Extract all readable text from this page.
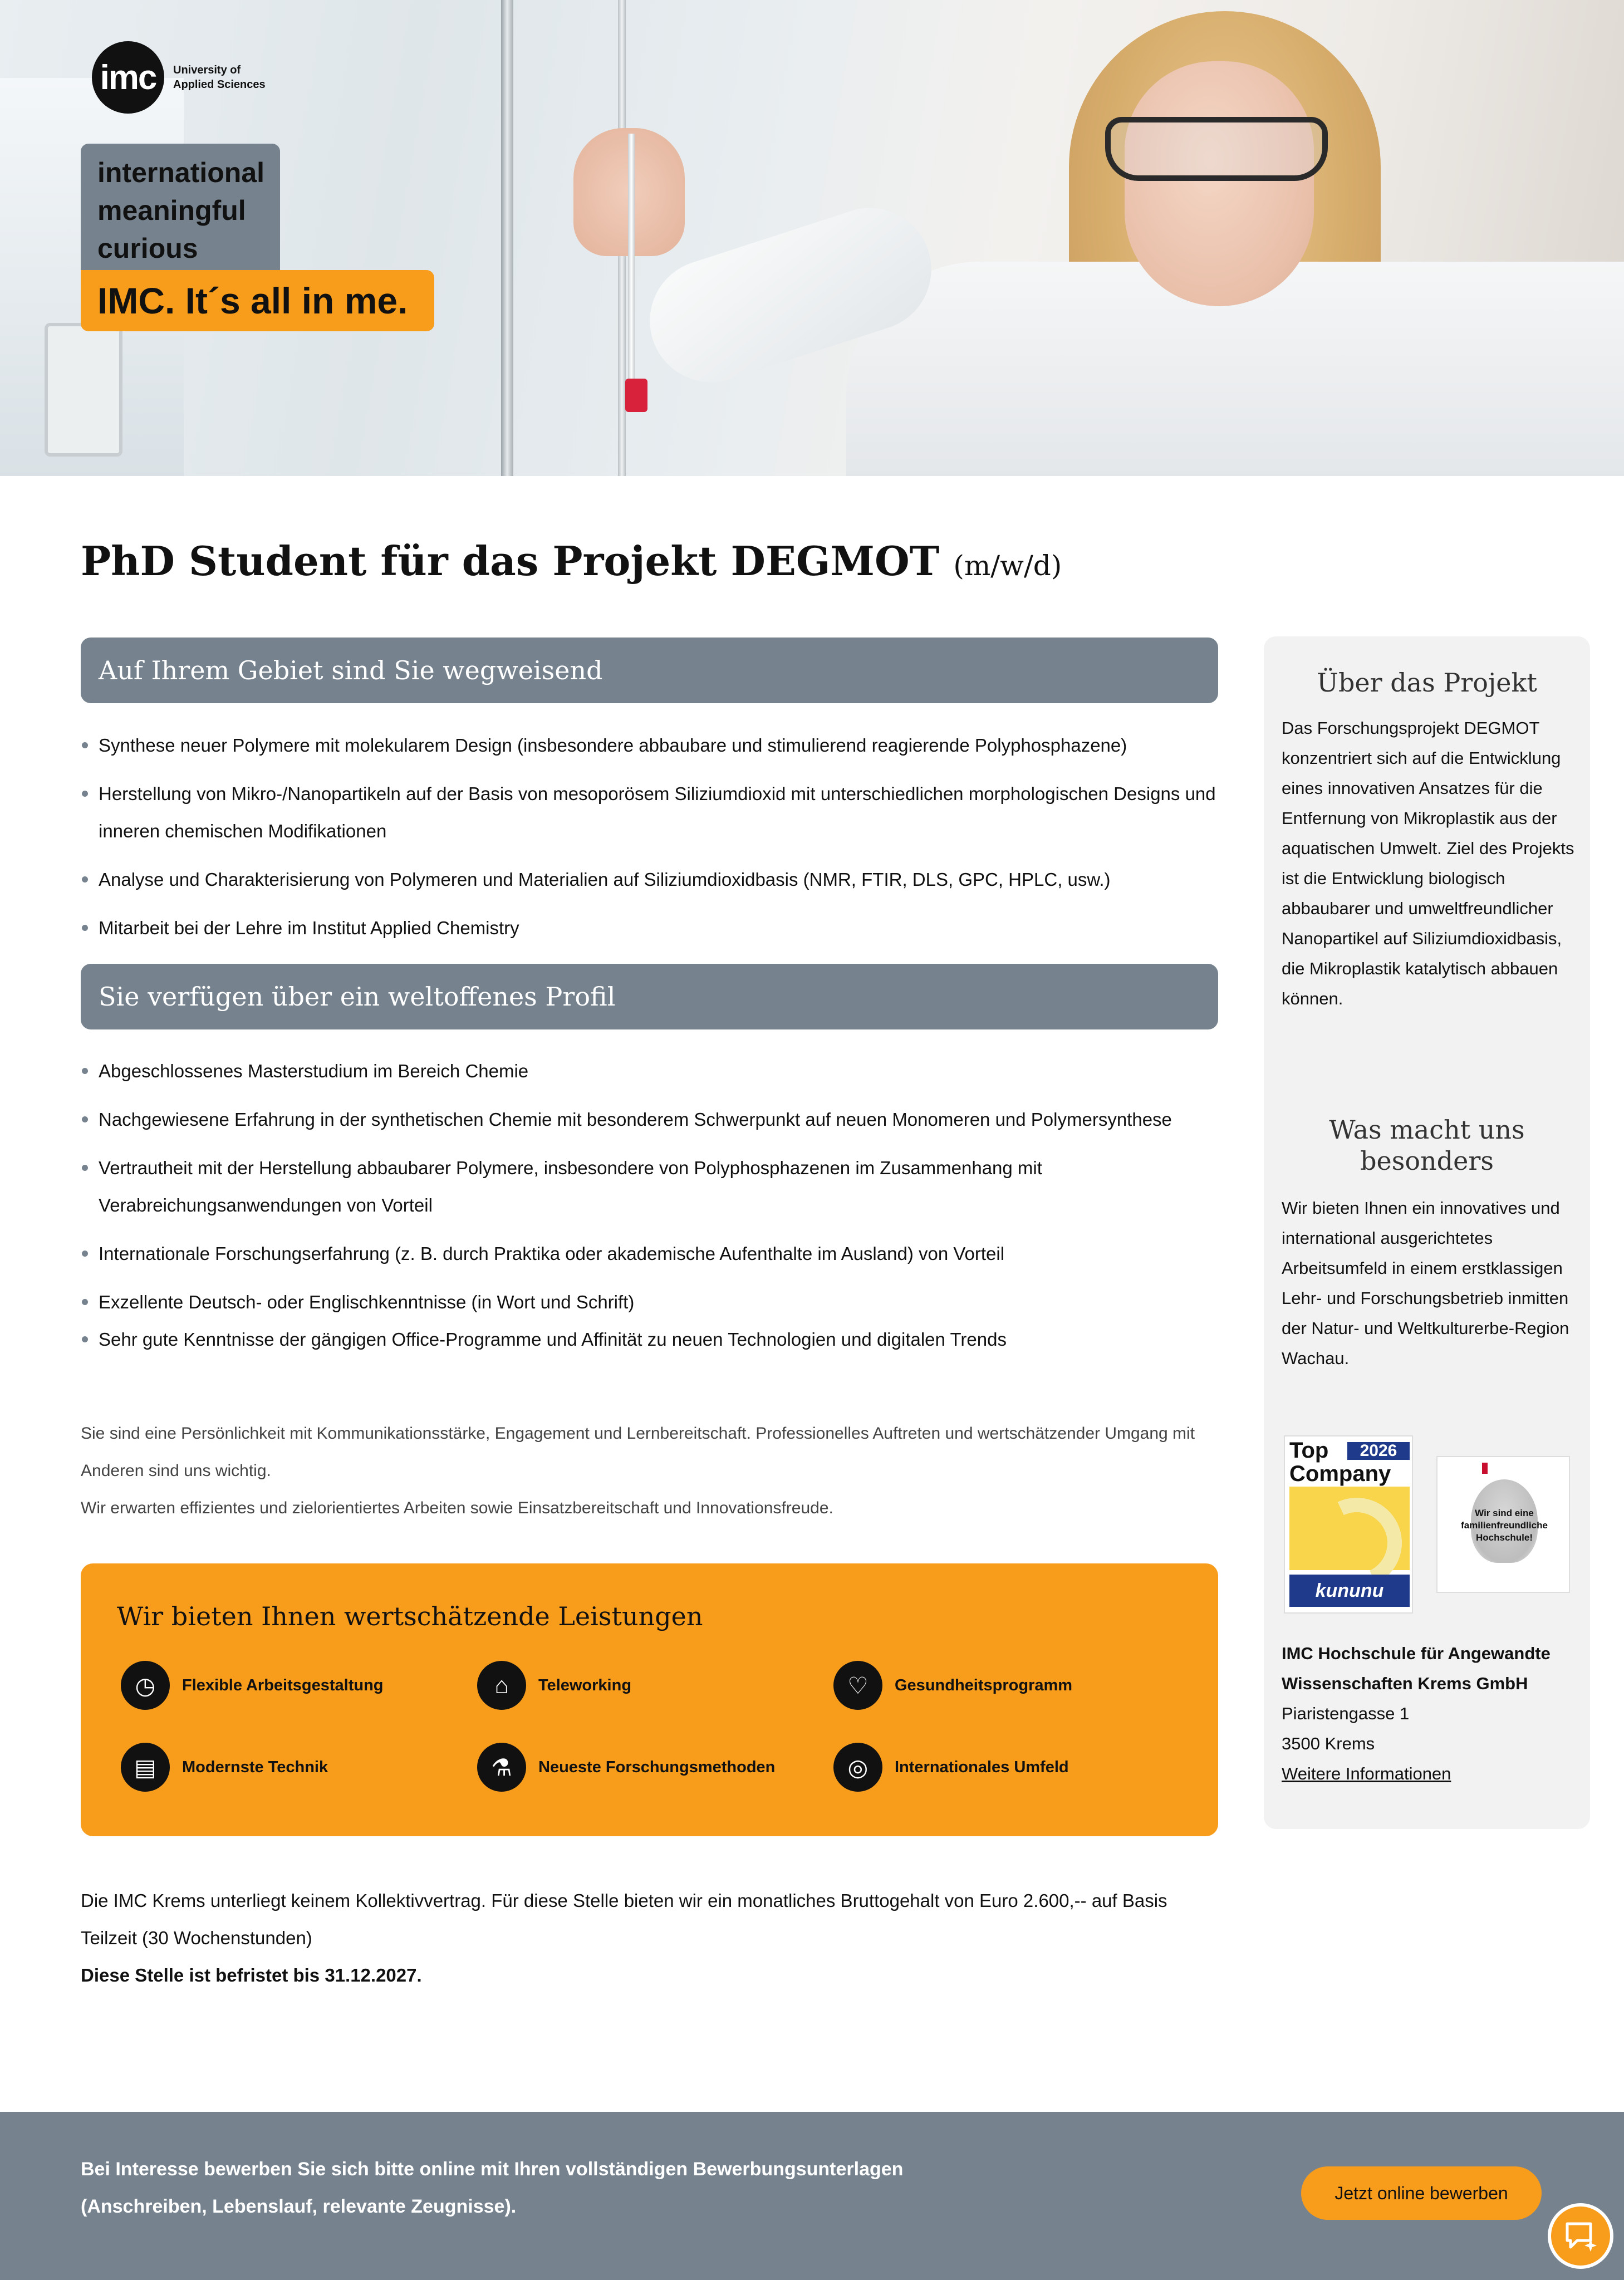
imc	University of
Applied Sciences
international
meaningful
curious
IMC. It´s all in me.
PhD Student für das Projekt DEGMOT (m/w/d)
Auf Ihrem Gebiet sind Sie wegweisend
Synthese neuer Polymere mit molekularem Design (insbesondere abbaubare und stimulierend reagierende Polyphosphazene)
Herstellung von Mikro-/Nanopartikeln auf der Basis von mesoporösem Siliziumdioxid mit unterschiedlichen morphologischen Designs und inneren chemischen Modifikationen
Analyse und Charakterisierung von Polymeren und Materialien auf Siliziumdioxidbasis (NMR, FTIR, DLS, GPC, HPLC, usw.)
Mitarbeit bei der Lehre im Institut Applied Chemistry
Sie verfügen über ein weltoffenes Profil
Abgeschlossenes Masterstudium im Bereich Chemie
Nachgewiesene Erfahrung in der synthetischen Chemie mit besonderem Schwerpunkt auf neuen Monomeren und Polymersynthese
Vertrautheit mit der Herstellung abbaubarer Polymere, insbesondere von Polyphosphazenen im Zusammenhang mit Verabreichungsanwendungen von Vorteil
Internationale Forschungserfahrung (z. B. durch Praktika oder akademische Aufenthalte im Ausland) von Vorteil
Exzellente Deutsch- oder Englischkenntnisse (in Wort und Schrift)
Sehr gute Kenntnisse der gängigen Office-Programme und Affinität zu neuen Technologien und digitalen Trends
Sie sind eine Persönlichkeit mit Kommunikationsstärke, Engagement und Lernbereitschaft. Professionelles Auftreten und wertschätzender Umgang mit Anderen sind uns wichtig.
Wir erwarten effizientes und zielorientiertes Arbeiten sowie Einsatzbereitschaft und Innovationsfreude.
Wir bieten Ihnen wertschätzende Leistungen
◷	Flexible Arbeitsgestaltung	⌂	Teleworking	♡	Gesundheitsprogramm
▤	Modernste Technik	⚗	Neueste Forschungsmethoden	◎	Internationales Umfeld
Die IMC Krems unterliegt keinem Kollektivvertrag. Für diese Stelle bieten wir ein monatliches Bruttogehalt von Euro 2.600,-- auf Basis Teilzeit (30 Wochenstunden)
Diese Stelle ist befristet bis 31.12.2027.
Über das Projekt
Das Forschungsprojekt DEGMOT konzentriert sich auf die Entwicklung eines innovativen Ansatzes für die Entfernung von Mikroplastik aus der aquatischen Umwelt. Ziel des Projekts ist die Entwicklung biologisch abbaubarer und umweltfreundlicher Nanopartikel auf Siliziumdioxidbasis, die Mikroplastik katalytisch abbauen können.
Was macht uns
besonders
Wir bieten Ihnen ein innovatives und international ausgerichtetes Arbeitsumfeld in einem erstklassigen Lehr- und Forschungsbetrieb inmitten der Natur- und Weltkulturerbe-Region Wachau.
Top
Company
2026
kununu
Wir sind eine familienfreundliche Hochschule!
IMC Hochschule für Angewandte
Wissenschaften Krems GmbH
Piaristengasse 1
3500 Krems
Weitere Informationen
Bei Interesse bewerben Sie sich bitte online mit Ihren vollständigen Bewerbungsunterlagen
(Anschreiben, Lebenslauf, relevante Zeugnisse).
Jetzt online bewerben
